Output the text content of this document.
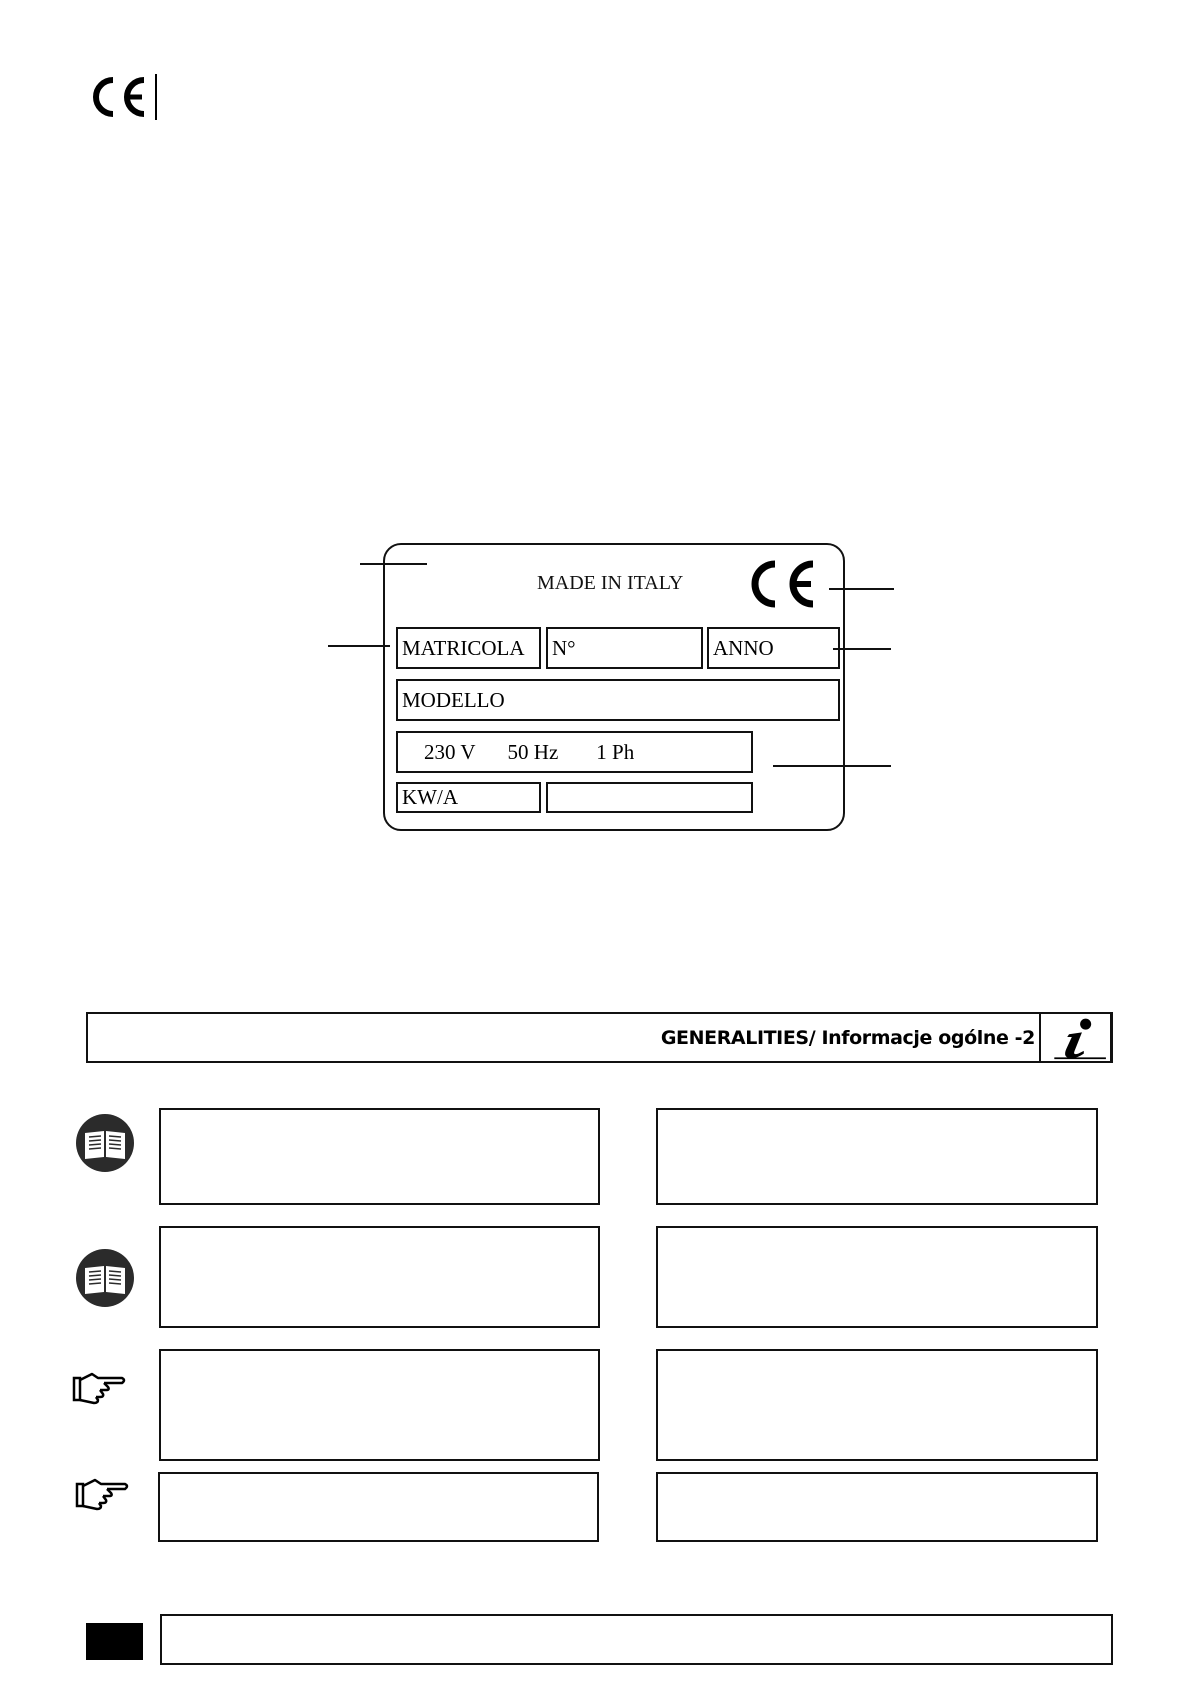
MADE IN ITALY
MATRICOLA	N°	ANNO
MODELLO
230 V 50 Hz 1 Ph
KW/A
GENERALITIES/ Informacje ogólne -2
